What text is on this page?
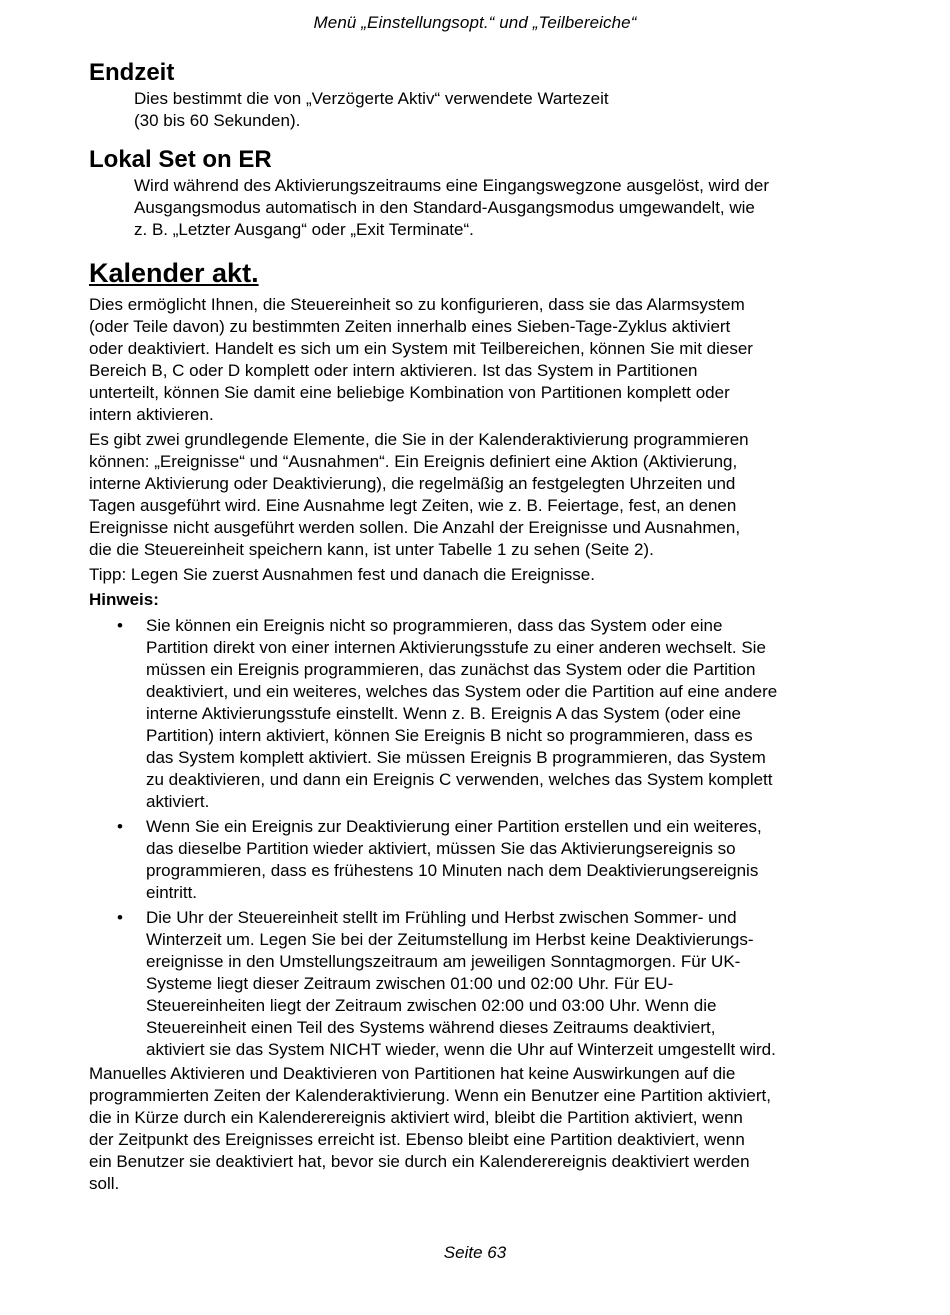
Menü „Einstellungsopt.“ und „Teilbereiche“
Endzeit
Dies bestimmt die von „Verzögerte Aktiv“ verwendete Wartezeit
(30 bis 60 Sekunden).
Lokal Set on ER
Wird während des Aktivierungszeitraums eine Eingangswegzone ausgelöst, wird der
Ausgangsmodus automatisch in den Standard-Ausgangsmodus umgewandelt, wie
z. B. „Letzter Ausgang“ oder „Exit Terminate“.
Kalender akt.

Dies ermöglicht Ihnen, die Steuereinheit so zu konfigurieren, dass sie das Alarmsystem

(oder Teile davon) zu bestimmten Zeiten innerhalb eines Sieben-Tage-Zyklus aktiviert

oder deaktiviert. Handelt es sich um ein System mit Teilbereichen, können Sie mit dieser

Bereich B, C oder D komplett oder intern aktivieren. Ist das System in Partitionen

unterteilt, können Sie damit eine beliebige Kombination von Partitionen komplett oder

intern aktivieren.

Es gibt zwei grundlegende Elemente, die Sie in der Kalenderaktivierung programmieren

können: „Ereignisse“ und “Ausnahmen“. Ein Ereignis definiert eine Aktion (Aktivierung,

interne Aktivierung oder Deaktivierung), die regelmäßig an festgelegten Uhrzeiten und

Tagen ausgeführt wird. Eine Ausnahme legt Zeiten, wie z. B. Feiertage, fest, an denen

Ereignisse nicht ausgeführt werden sollen. Die Anzahl der Ereignisse und Ausnahmen,

die die Steuereinheit speichern kann, ist unter Tabelle 1 zu sehen (Seite 2).

Tipp: Legen Sie zuerst Ausnahmen fest und danach die Ereignisse.

Hinweis:

• Sie können ein Ereignis nicht so programmieren, dass das System oder eine
Partition direkt von einer internen Aktivierungsstufe zu einer anderen wechselt. Sie
müssen ein Ereignis programmieren, das zunächst das System oder die Partition
deaktiviert, und ein weiteres, welches das System oder die Partition auf eine andere
interne Aktivierungsstufe einstellt. Wenn z. B. Ereignis A das System (oder eine
Partition) intern aktiviert, können Sie Ereignis B nicht so programmieren, dass es
das System komplett aktiviert. Sie müssen Ereignis B programmieren, das System
zu deaktivieren, und dann ein Ereignis C verwenden, welches das System komplett
aktiviert.
• Wenn Sie ein Ereignis zur Deaktivierung einer Partition erstellen und ein weiteres,
das dieselbe Partition wieder aktiviert, müssen Sie das Aktivierungsereignis so
programmieren, dass es frühestens 10 Minuten nach dem Deaktivierungsereignis
eintritt.
• Die Uhr der Steuereinheit stellt im Frühling und Herbst zwischen Sommer- und
Winterzeit um. Legen Sie bei der Zeitumstellung im Herbst keine Deaktivierungs-
ereignisse in den Umstellungszeitraum am jeweiligen Sonntagmorgen. Für UK-
Systeme liegt dieser Zeitraum zwischen 01:00 und 02:00 Uhr. Für EU-
Steuereinheiten liegt der Zeitraum zwischen 02:00 und 03:00 Uhr. Wenn die
Steuereinheit einen Teil des Systems während dieses Zeitraums deaktiviert,
aktiviert sie das System NICHT wieder, wenn die Uhr auf Winterzeit umgestellt wird.

Manuelles Aktivieren und Deaktivieren von Partitionen hat keine Auswirkungen auf die

programmierten Zeiten der Kalenderaktivierung. Wenn ein Benutzer eine Partition aktiviert,

die in Kürze durch ein Kalenderereignis aktiviert wird, bleibt die Partition aktiviert, wenn

der Zeitpunkt des Ereignisses erreicht ist. Ebenso bleibt eine Partition deaktiviert, wenn

ein Benutzer sie deaktiviert hat, bevor sie durch ein Kalenderereignis deaktiviert werden

soll.

Seite 63
